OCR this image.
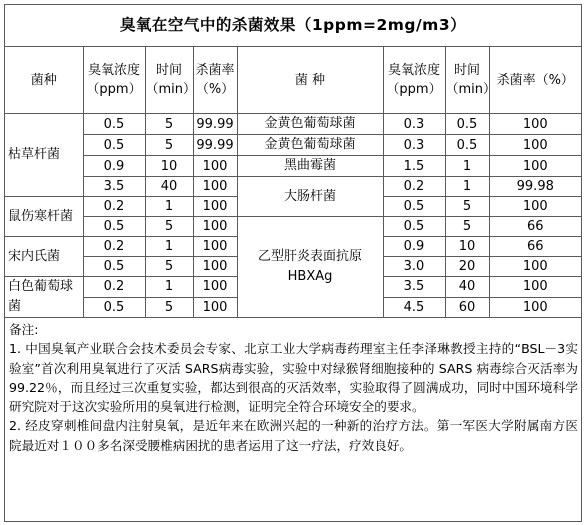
臭氧在空气中的杀菌效果（1ppm=2mg/m3）
菌种	臭氧浓度（ppm）	时间（min）	杀菌率（%）	菌 种	臭氧浓度（ppm）	时间（min）	杀菌率（%）
枯草杆菌	0.5	5	99.99	金黄色葡萄球菌	0.3	0.5	100
	0.5	5	99.99	金黄色葡萄球菌	0.3	0.5	100
	0.9	10	100	黑曲霉菌	1.5	1	100
	3.5	40	100	大肠杆菌	0.2	1	99.98
鼠伤寒杆菌	0.2	1	100		0.5	5	100
	0.5	5	100	乙型肝炎表面抗原HBXAg	0.5	5	66
宋内氏菌	0.2	1	100		0.9	10	66
	0.5	5	100		3.0	20	100
白色葡萄球菌	0.2	1	100		3.5	40	100
	0.5	5	100		4.5	60	100

备注:

1. 中国臭氧产业联合会技术委员会专家、北京工业大学病毒药理室主任李泽琳教授主持的“BSL－3实验室”首次利用臭氧进行了灭活 SARS病毒实验，实验中对绿猴肾细胞接种的 SARS 病毒综合灭活率为99.22％，而且经过三次重复实验，都达到很高的灭活效率，实验取得了圆满成功，同时中国环境科学研究院对于这次实验所用的臭氧进行检测，证明完全符合环境安全的要求。

2. 经皮穿刺椎间盘内注射臭氧，是近年来在欧洲兴起的一种新的治疗方法。第一军医大学附属南方医院最近对１００多名深受腰椎病困扰的患者运用了这一疗法，疗效良好。
